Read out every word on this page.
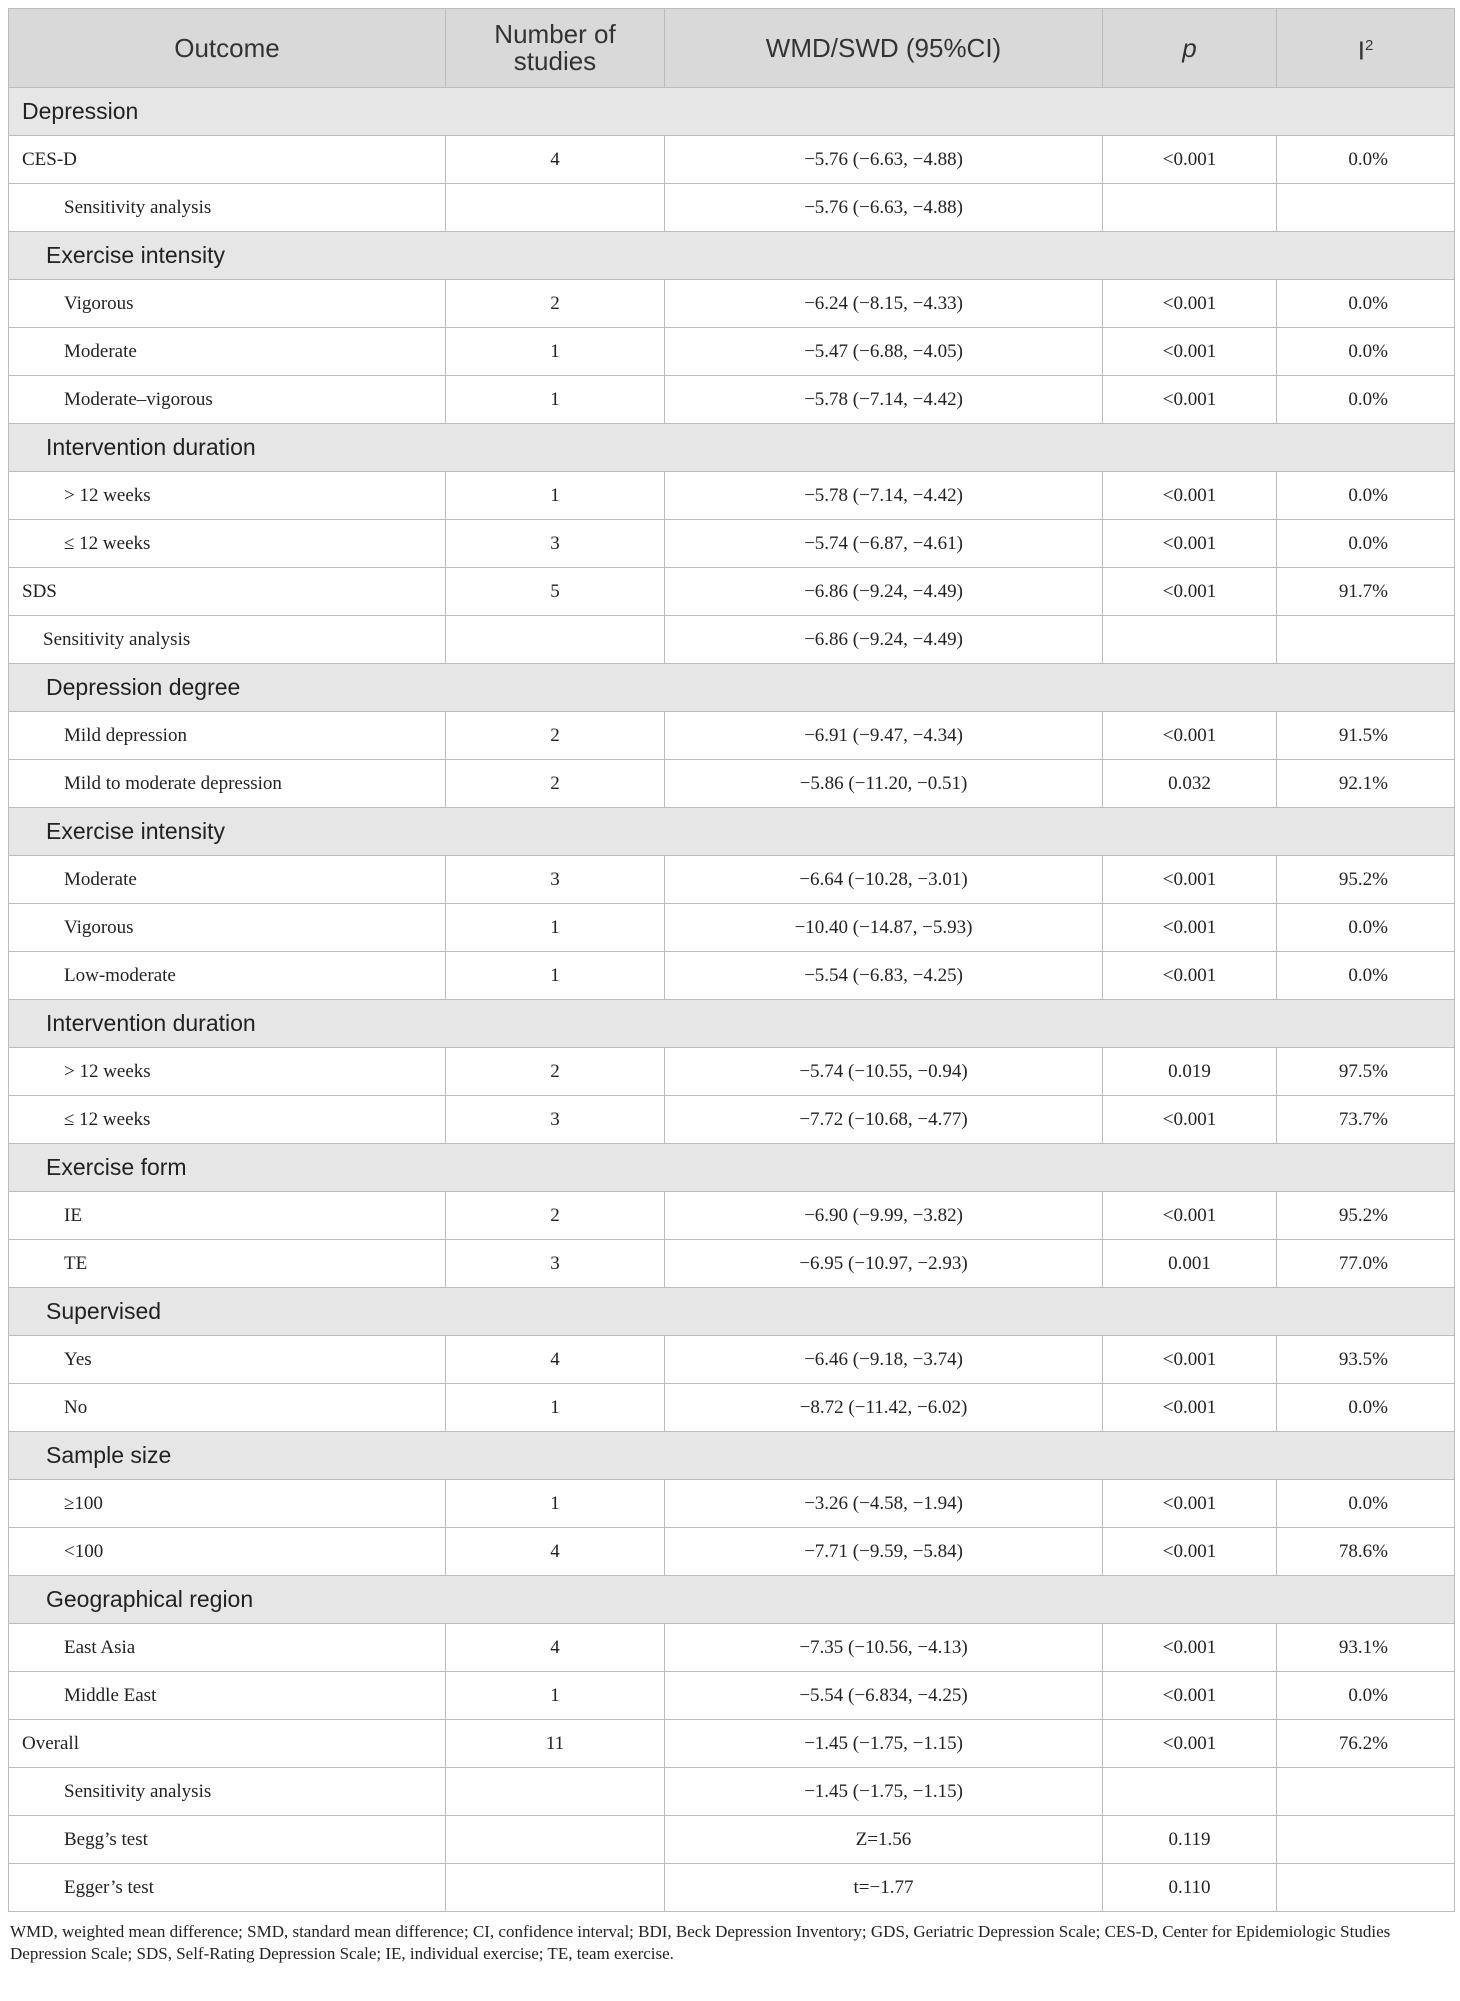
Outcome	Number of studies	WMD/SWD (95%CI)	p	$I^2$
Depression				
CES-D	4	−5.76 (−6.63, −4.88)	<0.001	0.0%
Sensitivity analysis		−5.76 (−6.63, −4.88)		
Exercise intensity				
Vigorous	2	−6.24 (−8.15, −4.33)	<0.001	0.0%
Moderate	1	−5.47 (−6.88, −4.05)	<0.001	0.0%
Moderate–vigorous	1	−5.78 (−7.14, −4.42)	<0.001	0.0%
Intervention duration				
> 12 weeks	1	−5.78 (−7.14, −4.42)	<0.001	0.0%
≤ 12 weeks	3	−5.74 (−6.87, −4.61)	<0.001	0.0%
SDS	5	−6.86 (−9.24, −4.49)	<0.001	91.7%
Sensitivity analysis		−6.86 (−9.24, −4.49)		
Depression degree				
Mild depression	2	−6.91 (−9.47, −4.34)	<0.001	91.5%
Mild to moderate depression	2	−5.86 (−11.20, −0.51)	0.032	92.1%
Exercise intensity				
Moderate	3	−6.64 (−10.28, −3.01)	<0.001	95.2%
Vigorous	1	−10.40 (−14.87, −5.93)	<0.001	0.0%
Low-moderate	1	−5.54 (−6.83, −4.25)	<0.001	0.0%
Intervention duration				
> 12 weeks	2	−5.74 (−10.55, −0.94)	0.019	97.5%
≤ 12 weeks	3	−7.72 (−10.68, −4.77)	<0.001	73.7%
Exercise form				
IE	2	−6.90 (−9.99, −3.82)	<0.001	95.2%
TE	3	−6.95 (−10.97, −2.93)	0.001	77.0%
Supervised				
Yes	4	−6.46 (−9.18, −3.74)	<0.001	93.5%
No	1	−8.72 (−11.42, −6.02)	<0.001	0.0%
Sample size				
≥100	1	−3.26 (−4.58, −1.94)	<0.001	0.0%
<100	4	−7.71 (−9.59, −5.84)	<0.001	78.6%
Geographical region				
East Asia	4	−7.35 (−10.56, −4.13)	<0.001	93.1%
Middle East	1	−5.54 (−6.834, −4.25)	<0.001	0.0%
Overall	11	−1.45 (−1.75, −1.15)	<0.001	76.2%
Sensitivity analysis		−1.45 (−1.75, −1.15)		
Begg’s test		Z=1.56	0.119	
Egger’s test		t=−1.77	0.110	
WMD, weighted mean difference; SMD, standard mean difference; CI, confidence interval; BDI, Beck Depression Inventory; GDS, Geriatric Depression Scale; CES-D, Center for Epidemiologic Studies Depression Scale; SDS, Self-Rating Depression Scale; IE, individual exercise; TE, team exercise.
